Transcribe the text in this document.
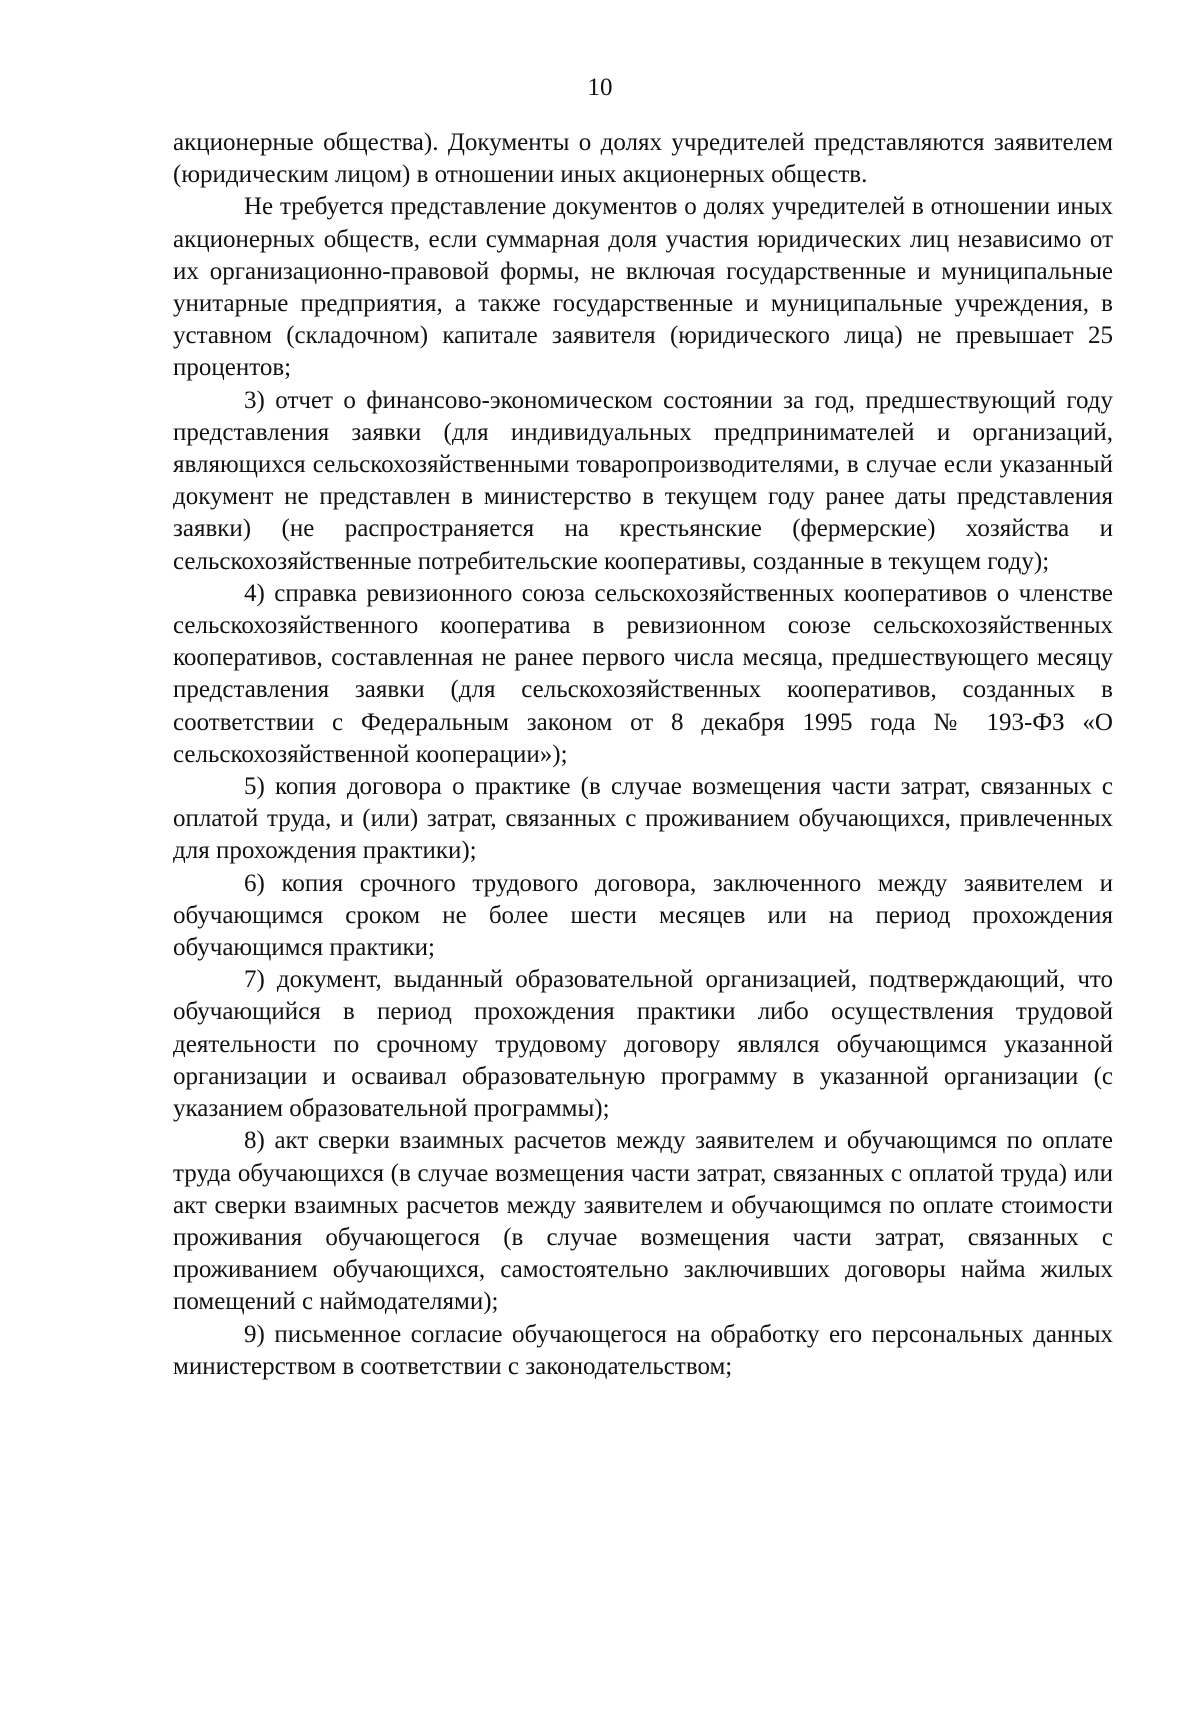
10

акционерные общества). Документы о долях учредителей представляются заявителем (юридическим лицом) в отношении иных акционерных обществ.

Не требуется представление документов о долях учредителей в отношении иных акционерных обществ, если суммарная доля участия юридических лиц независимо от их организационно-правовой формы, не включая государственные и муниципальные унитарные предприятия, а также государственные и муниципальные учреждения, в уставном (складочном) капитале заявителя (юридического лица) не превышает 25 процентов;

3) отчет о финансово-экономическом состоянии за год, предшествующий году представления заявки (для индивидуальных предпринимателей и организаций, являющихся сельскохозяйственными товаропроизводителями, в случае если указанный документ не представлен в министерство в текущем году ранее даты представления заявки) (не распространяется на крестьянские (фермерские) хозяйства и сельскохозяйственные потребительские кооперативы, созданные в текущем году);

4) справка ревизионного союза сельскохозяйственных кооперативов о членстве сельскохозяйственного кооператива в ревизионном союзе сельскохозяйственных кооперативов, составленная не ранее первого числа месяца, предшествующего месяцу представления заявки (для сельскохозяйственных кооперативов, созданных в соответствии с Федеральным законом от 8 декабря 1995 года № 193-ФЗ «О сельскохозяйственной кооперации»);

5) копия договора о практике (в случае возмещения части затрат, связанных с оплатой труда, и (или) затрат, связанных с проживанием обучающихся, привлеченных для прохождения практики);

6) копия срочного трудового договора, заключенного между заявителем и обучающимся сроком не более шести месяцев или на период прохождения обучающимся практики;

7) документ, выданный образовательной организацией, подтверждающий, что обучающийся в период прохождения практики либо осуществления трудовой деятельности по срочному трудовому договору являлся обучающимся указанной организации и осваивал образовательную программу в указанной организации (с указанием образовательной программы);

8) акт сверки взаимных расчетов между заявителем и обучающимся по оплате труда обучающихся (в случае возмещения части затрат, связанных с оплатой труда) или акт сверки взаимных расчетов между заявителем и обучающимся по оплате стоимости проживания обучающегося (в случае возмещения части затрат, связанных с проживанием обучающихся, самостоятельно заключивших договоры найма жилых помещений с наймодателями);

9) письменное согласие обучающегося на обработку его персональных данных министерством в соответствии с законодательством;
